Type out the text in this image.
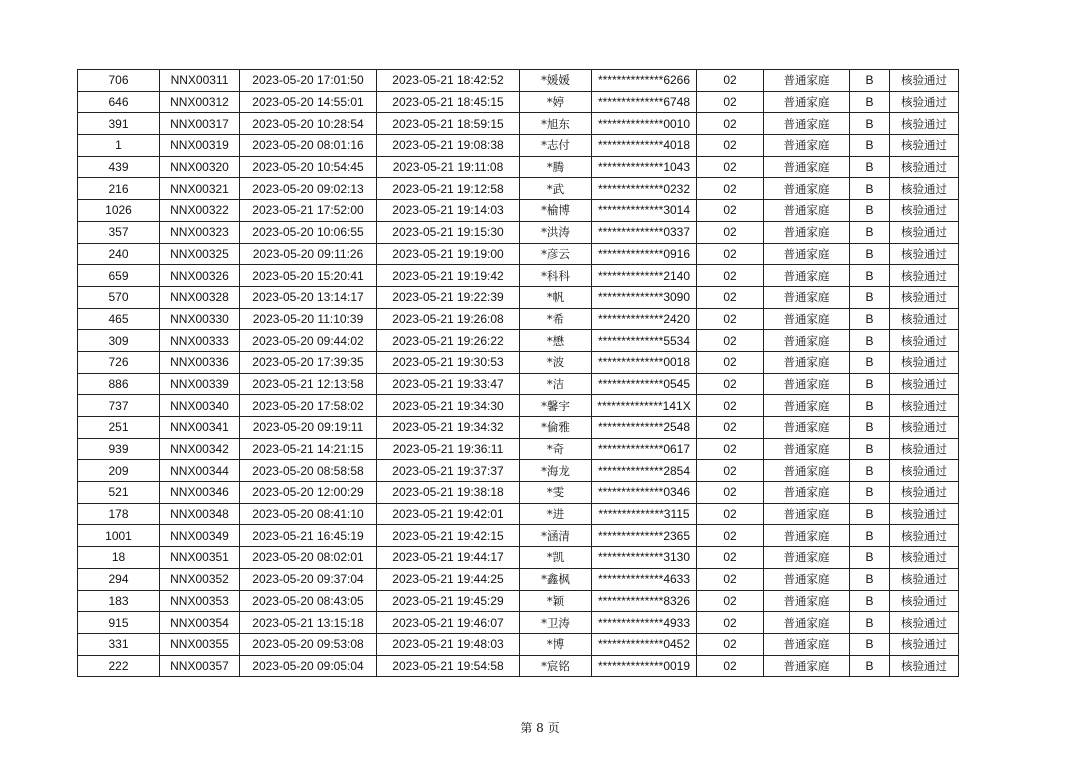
706	NNX00311	2023-05-20 17:01:50	2023-05-21 18:42:52	*媛媛	**************6266	02	普通家庭	B	核验通过
646	NNX00312	2023-05-20 14:55:01	2023-05-21 18:45:15	*婷	**************6748	02	普通家庭	B	核验通过
391	NNX00317	2023-05-20 10:28:54	2023-05-21 18:59:15	*旭东	**************0010	02	普通家庭	B	核验通过
1	NNX00319	2023-05-20 08:01:16	2023-05-21 19:08:38	*志付	**************4018	02	普通家庭	B	核验通过
439	NNX00320	2023-05-20 10:54:45	2023-05-21 19:11:08	*腾	**************1043	02	普通家庭	B	核验通过
216	NNX00321	2023-05-20 09:02:13	2023-05-21 19:12:58	*武	**************0232	02	普通家庭	B	核验通过
1026	NNX00322	2023-05-21 17:52:00	2023-05-21 19:14:03	*榆博	**************3014	02	普通家庭	B	核验通过
357	NNX00323	2023-05-20 10:06:55	2023-05-21 19:15:30	*洪涛	**************0337	02	普通家庭	B	核验通过
240	NNX00325	2023-05-20 09:11:26	2023-05-21 19:19:00	*彦云	**************0916	02	普通家庭	B	核验通过
659	NNX00326	2023-05-20 15:20:41	2023-05-21 19:19:42	*科科	**************2140	02	普通家庭	B	核验通过
570	NNX00328	2023-05-20 13:14:17	2023-05-21 19:22:39	*帆	**************3090	02	普通家庭	B	核验通过
465	NNX00330	2023-05-20 11:10:39	2023-05-21 19:26:08	*希	**************2420	02	普通家庭	B	核验通过
309	NNX00333	2023-05-20 09:44:02	2023-05-21 19:26:22	*懋	**************5534	02	普通家庭	B	核验通过
726	NNX00336	2023-05-20 17:39:35	2023-05-21 19:30:53	*波	**************0018	02	普通家庭	B	核验通过
886	NNX00339	2023-05-21 12:13:58	2023-05-21 19:33:47	*洁	**************0545	02	普通家庭	B	核验通过
737	NNX00340	2023-05-20 17:58:02	2023-05-21 19:34:30	*馨宇	**************141X	02	普通家庭	B	核验通过
251	NNX00341	2023-05-20 09:19:11	2023-05-21 19:34:32	*倫雅	**************2548	02	普通家庭	B	核验通过
939	NNX00342	2023-05-21 14:21:15	2023-05-21 19:36:11	*奇	**************0617	02	普通家庭	B	核验通过
209	NNX00344	2023-05-20 08:58:58	2023-05-21 19:37:37	*海龙	**************2854	02	普通家庭	B	核验通过
521	NNX00346	2023-05-20 12:00:29	2023-05-21 19:38:18	*雯	**************0346	02	普通家庭	B	核验通过
178	NNX00348	2023-05-20 08:41:10	2023-05-21 19:42:01	*进	**************3115	02	普通家庭	B	核验通过
1001	NNX00349	2023-05-21 16:45:19	2023-05-21 19:42:15	*涵清	**************2365	02	普通家庭	B	核验通过
18	NNX00351	2023-05-20 08:02:01	2023-05-21 19:44:17	*凯	**************3130	02	普通家庭	B	核验通过
294	NNX00352	2023-05-20 09:37:04	2023-05-21 19:44:25	*鑫枫	**************4633	02	普通家庭	B	核验通过
183	NNX00353	2023-05-20 08:43:05	2023-05-21 19:45:29	*颖	**************8326	02	普通家庭	B	核验通过
915	NNX00354	2023-05-21 13:15:18	2023-05-21 19:46:07	*卫涛	**************4933	02	普通家庭	B	核验通过
331	NNX00355	2023-05-20 09:53:08	2023-05-21 19:48:03	*博	**************0452	02	普通家庭	B	核验通过
222	NNX00357	2023-05-20 09:05:04	2023-05-21 19:54:58	*宸铭	**************0019	02	普通家庭	B	核验通过
第 8 页
